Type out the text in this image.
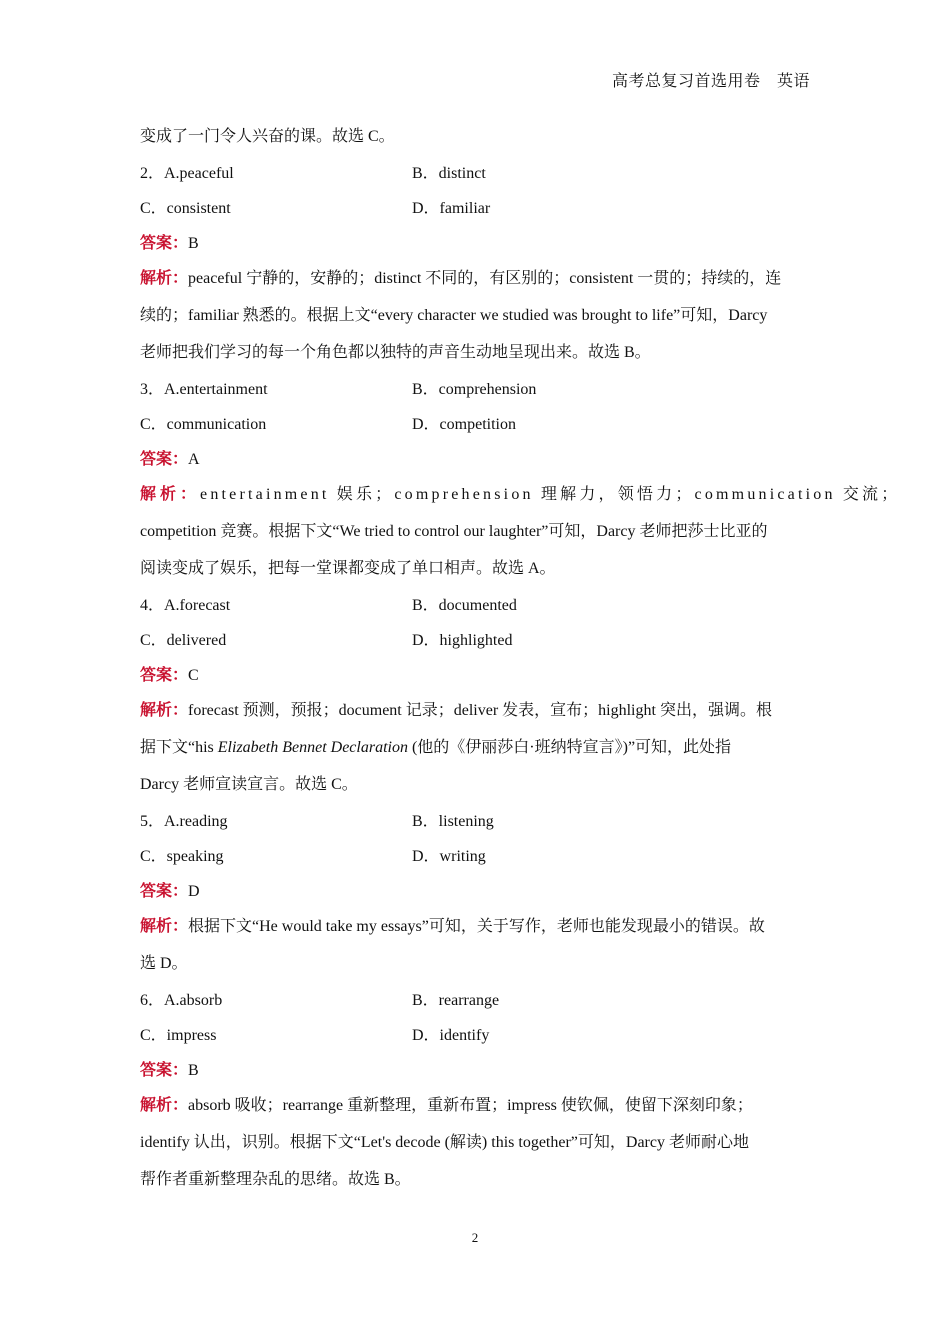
高考总复习首选用卷　英语
变成了一门令人兴奋的课。故选 C。
2．A.peaceful	B．distinct
C．consistent	D．familiar
答案：B
解析：peaceful 宁静的，安静的；distinct 不同的，有区别的；consistent 一贯的；持续的，连
续的；familiar 熟悉的。根据上文“every character we studied was brought to life”可知，Darcy
老师把我们学习的每一个角色都以独特的声音生动地呈现出来。故选 B。
3．A.entertainment	B．comprehension
C．communication	D．competition
答案：A
解 析 ： entertainment 娱乐；comprehension 理解力，领悟力；communication 交流；
competition 竞赛。根据下文“We tried to control our laughter”可知，Darcy 老师把莎士比亚的
阅读变成了娱乐，把每一堂课都变成了单口相声。故选 A。
4．A.forecast	B．documented
C．delivered	D．highlighted
答案：C
解析：forecast 预测，预报；document 记录；deliver 发表，宣布；highlight 突出，强调。根
据下文“his Elizabeth Bennet Declaration (他的《伊丽莎白·班纳特宣言》)”可知，此处指
Darcy 老师宣读宣言。故选 C。
5．A.reading	B．listening
C．speaking	D．writing
答案：D
解析：根据下文“He would take my essays”可知，关于写作，老师也能发现最小的错误。故
选 D。
6．A.absorb	B．rearrange
C．impress	D．identify
答案：B
解析：absorb 吸收；rearrange 重新整理，重新布置；impress 使钦佩，使留下深刻印象；
identify 认出，识别。根据下文“Let's decode (解读) this together”可知，Darcy 老师耐心地
帮作者重新整理杂乱的思绪。故选 B。
2
